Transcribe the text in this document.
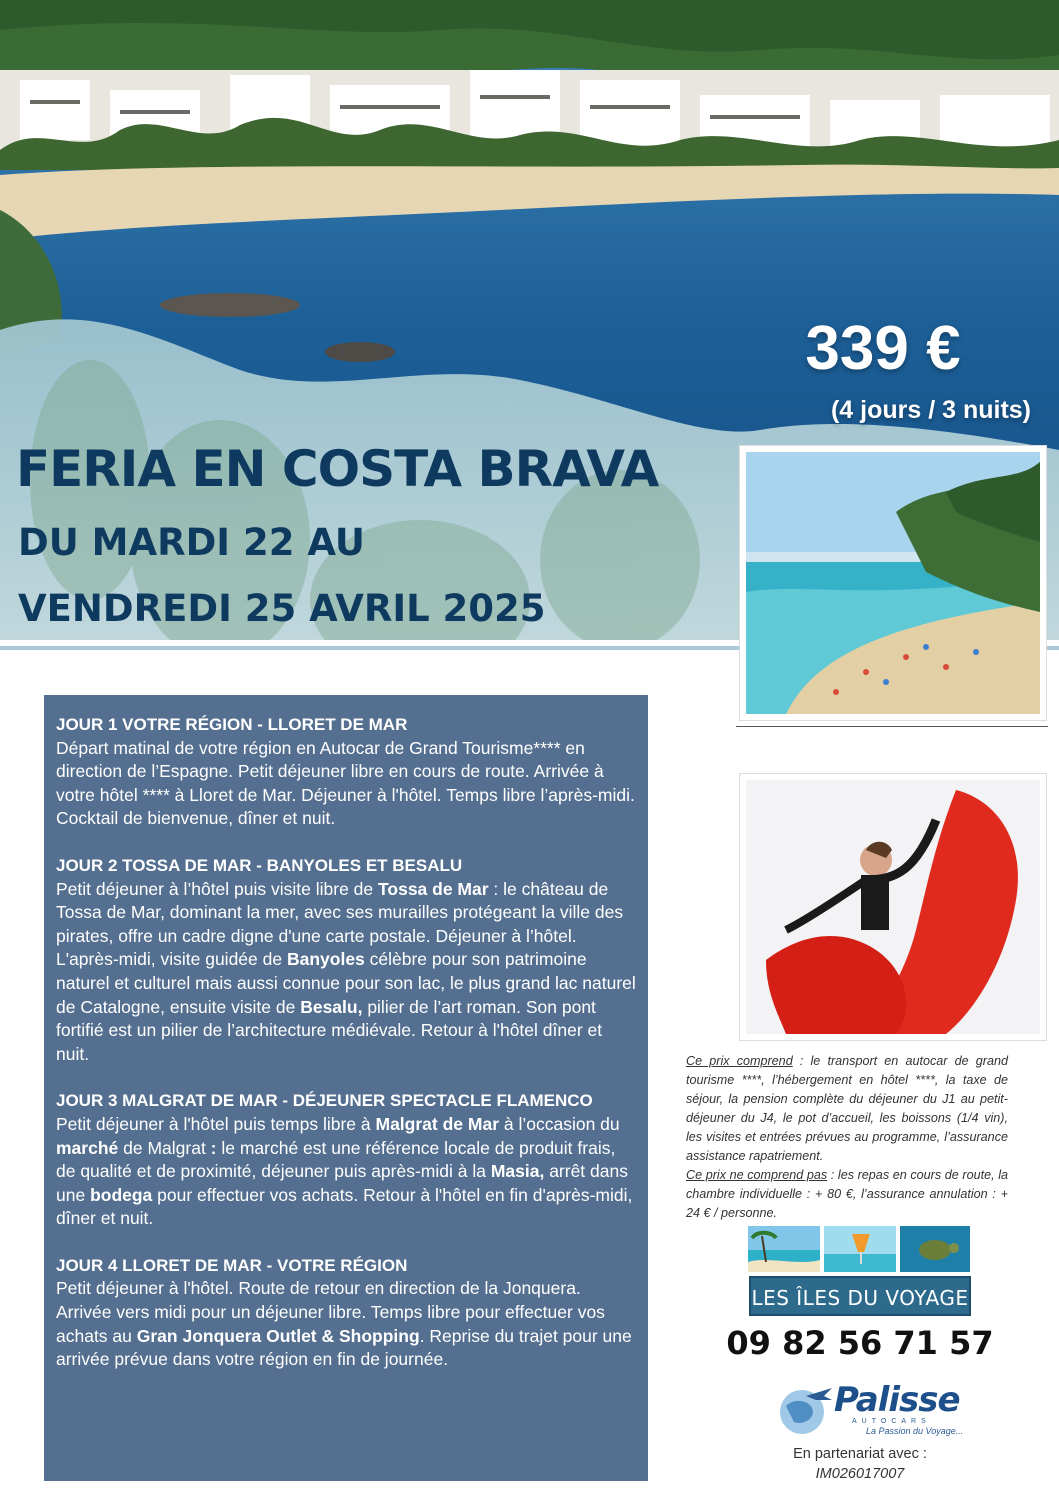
339 €
(4 jours / 3 nuits)
FERIA EN COSTA BRAVA
DU MARDI 22 AU
VENDREDI 25 AVRIL 2025
JOUR 1 VOTRE RÉGION - LLORET DE MAR

Départ matinal de votre région en Autocar de Grand Tourisme**** en direction de l’Espagne. Petit déjeuner libre en cours de route. Arrivée à votre hôtel **** à Lloret de Mar. Déjeuner à l'hôtel. Temps libre l’après-midi. Cocktail de bienvenue, dîner et nuit.

JOUR 2 TOSSA DE MAR - BANYOLES ET BESALU

Petit déjeuner à l’hôtel puis visite libre de Tossa de Mar : le château de Tossa de Mar, dominant la mer, avec ses murailles protégeant la ville des pirates, offre un cadre digne d'une carte postale. Déjeuner à l’hôtel. L'après-midi, visite guidée de Banyoles célèbre pour son patrimoine naturel et culturel mais aussi connue pour son lac, le plus grand lac naturel de Catalogne, ensuite visite de Besalu, pilier de l’art roman. Son pont fortifié est un pilier de l’architecture médiévale. Retour à l'hôtel dîner et nuit.

JOUR 3 MALGRAT DE MAR - DÉJEUNER SPECTACLE FLAMENCO

Petit déjeuner à l'hôtel puis temps libre à Malgrat de Mar à l’occasion du marché de Malgrat : le marché est une référence locale de produit frais, de qualité et de proximité, déjeuner puis après-midi à la Masia, arrêt dans une bodega pour effectuer vos achats. Retour à l'hôtel en fin d'après-midi, dîner et nuit.

JOUR 4 LLORET DE MAR - VOTRE RÉGION

Petit déjeuner à l'hôtel. Route de retour en direction de la Jonquera. Arrivée vers midi pour un déjeuner libre. Temps libre pour effectuer vos achats au Gran Jonquera Outlet & Shopping. Reprise du trajet pour une arrivée prévue dans votre région en fin de journée.

Ce prix comprend : le transport en autocar de grand tourisme ****, l’hébergement en hôtel ****, la taxe de séjour, la pension complète du déjeuner du J1 au petit-déjeuner du J4, le pot d’accueil, les boissons (1/4 vin), les visites et entrées prévues au programme, l’assurance assistance rapatriement.

Ce prix ne comprend pas : les repas en cours de route, la chambre individuelle : + 80 €, l’assurance annulation : + 24 € / personne.

LES ÎLES DU VOYAGE
09 82 56 71 57
Palisse
AUTOCARS
La Passion du Voyage...
En partenariat avec :
IM026017007
